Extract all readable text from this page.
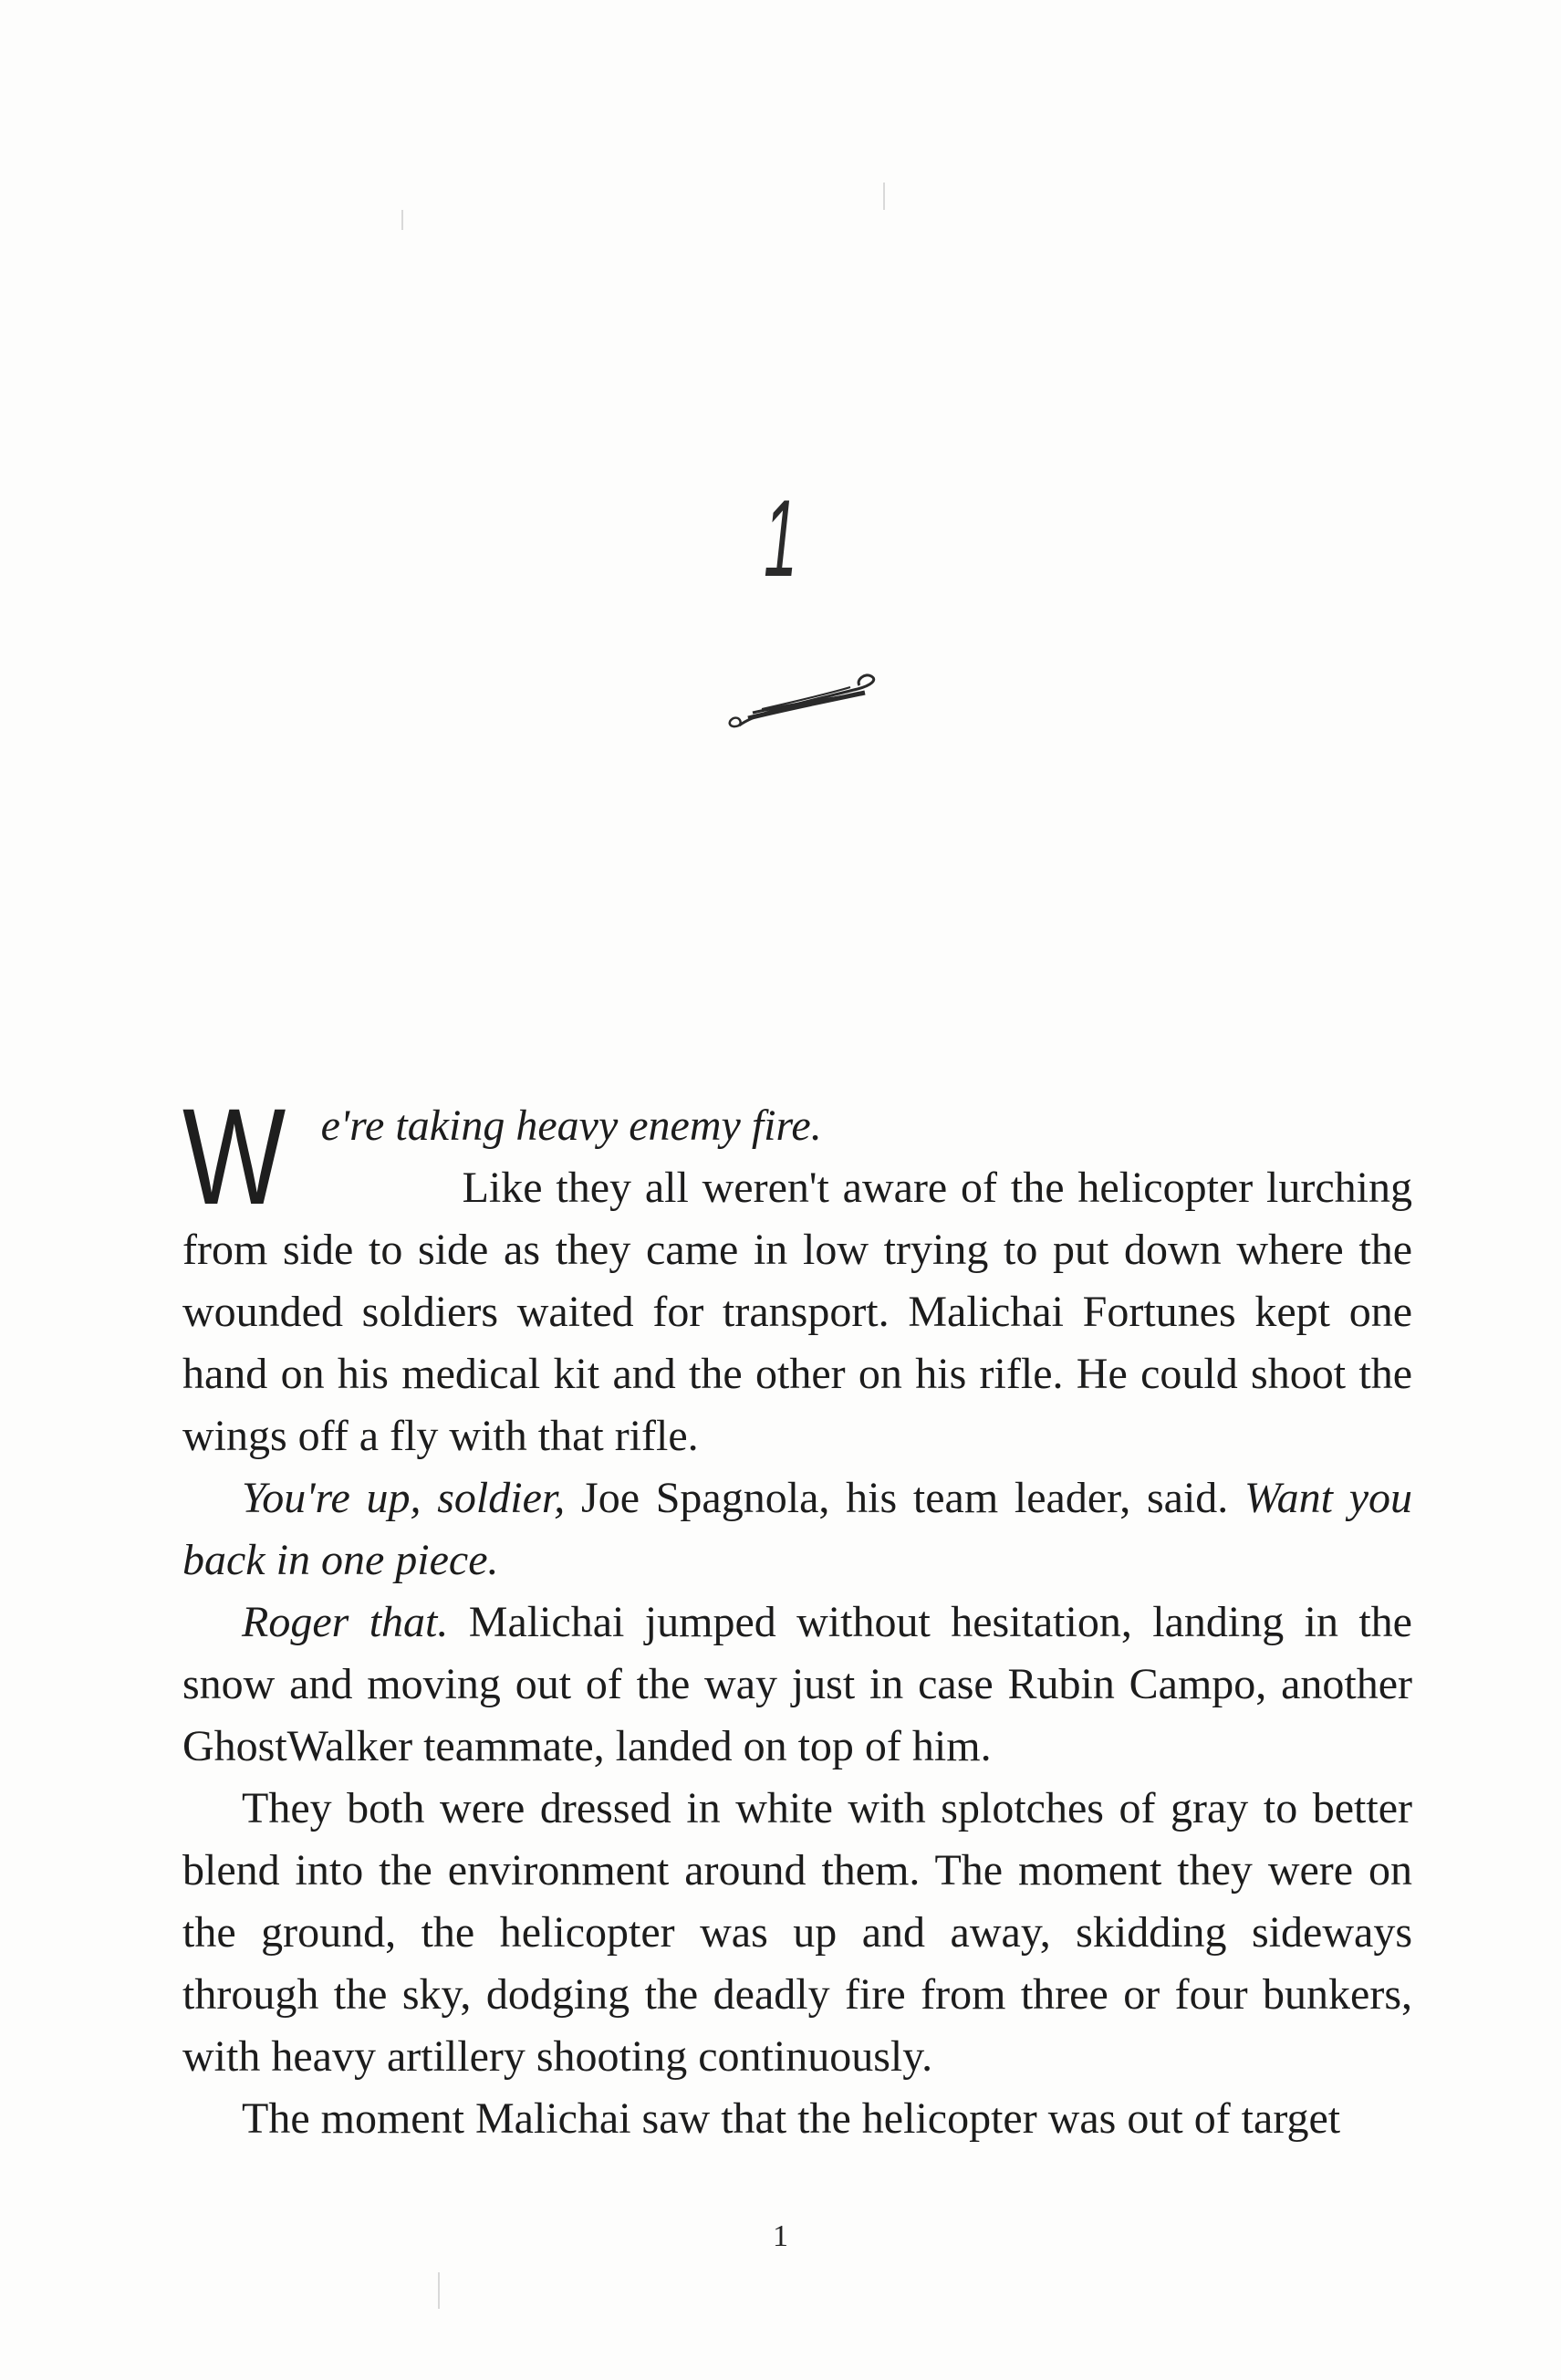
1

We're taking heavy enemy fire.
Like they all weren't aware of the helicopter lurching from side to side as they came in low trying to put down where the wounded soldiers waited for transport. Malichai Fortunes kept one hand on his medical kit and the other on his rifle. He could shoot the wings off a fly with that rifle.

You're up, soldier, Joe Spagnola, his team leader, said. Want you back in one piece.

Roger that. Malichai jumped without hesitation, landing in the snow and moving out of the way just in case Rubin Campo, another GhostWalker teammate, landed on top of him.

They both were dressed in white with splotches of gray to better blend into the environment around them. The moment they were on the ground, the helicopter was up and away, skidding sideways through the sky, dodging the deadly fire from three or four bunkers, with heavy artillery shooting continuously.

The moment Malichai saw that the helicopter was out of target

1
